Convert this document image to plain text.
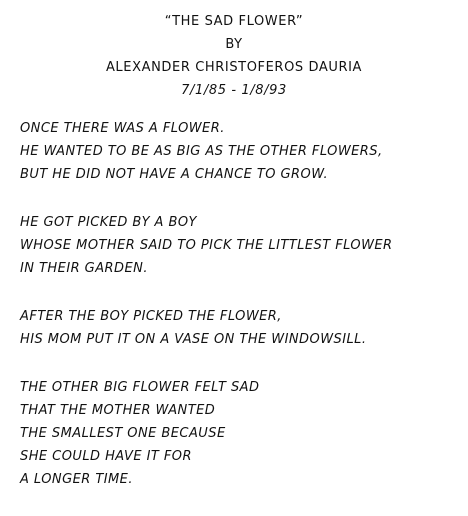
“THE SAD FLOWER”
BY
ALEXANDER CHRISTOFEROS DAURIA
7/1/85 - 1/8/93
ONCE THERE WAS A FLOWER.
HE WANTED TO BE AS BIG AS THE OTHER FLOWERS,
BUT HE DID NOT HAVE A CHANCE TO GROW.
HE GOT PICKED BY A BOY
WHOSE MOTHER SAID TO PICK THE LITTLEST FLOWER
IN THEIR GARDEN.
AFTER THE BOY PICKED THE FLOWER,
HIS MOM PUT IT ON A VASE ON THE WINDOWSILL.
THE OTHER BIG FLOWER FELT SAD
THAT THE MOTHER WANTED
THE SMALLEST ONE BECAUSE
SHE COULD HAVE IT FOR
A LONGER TIME.
